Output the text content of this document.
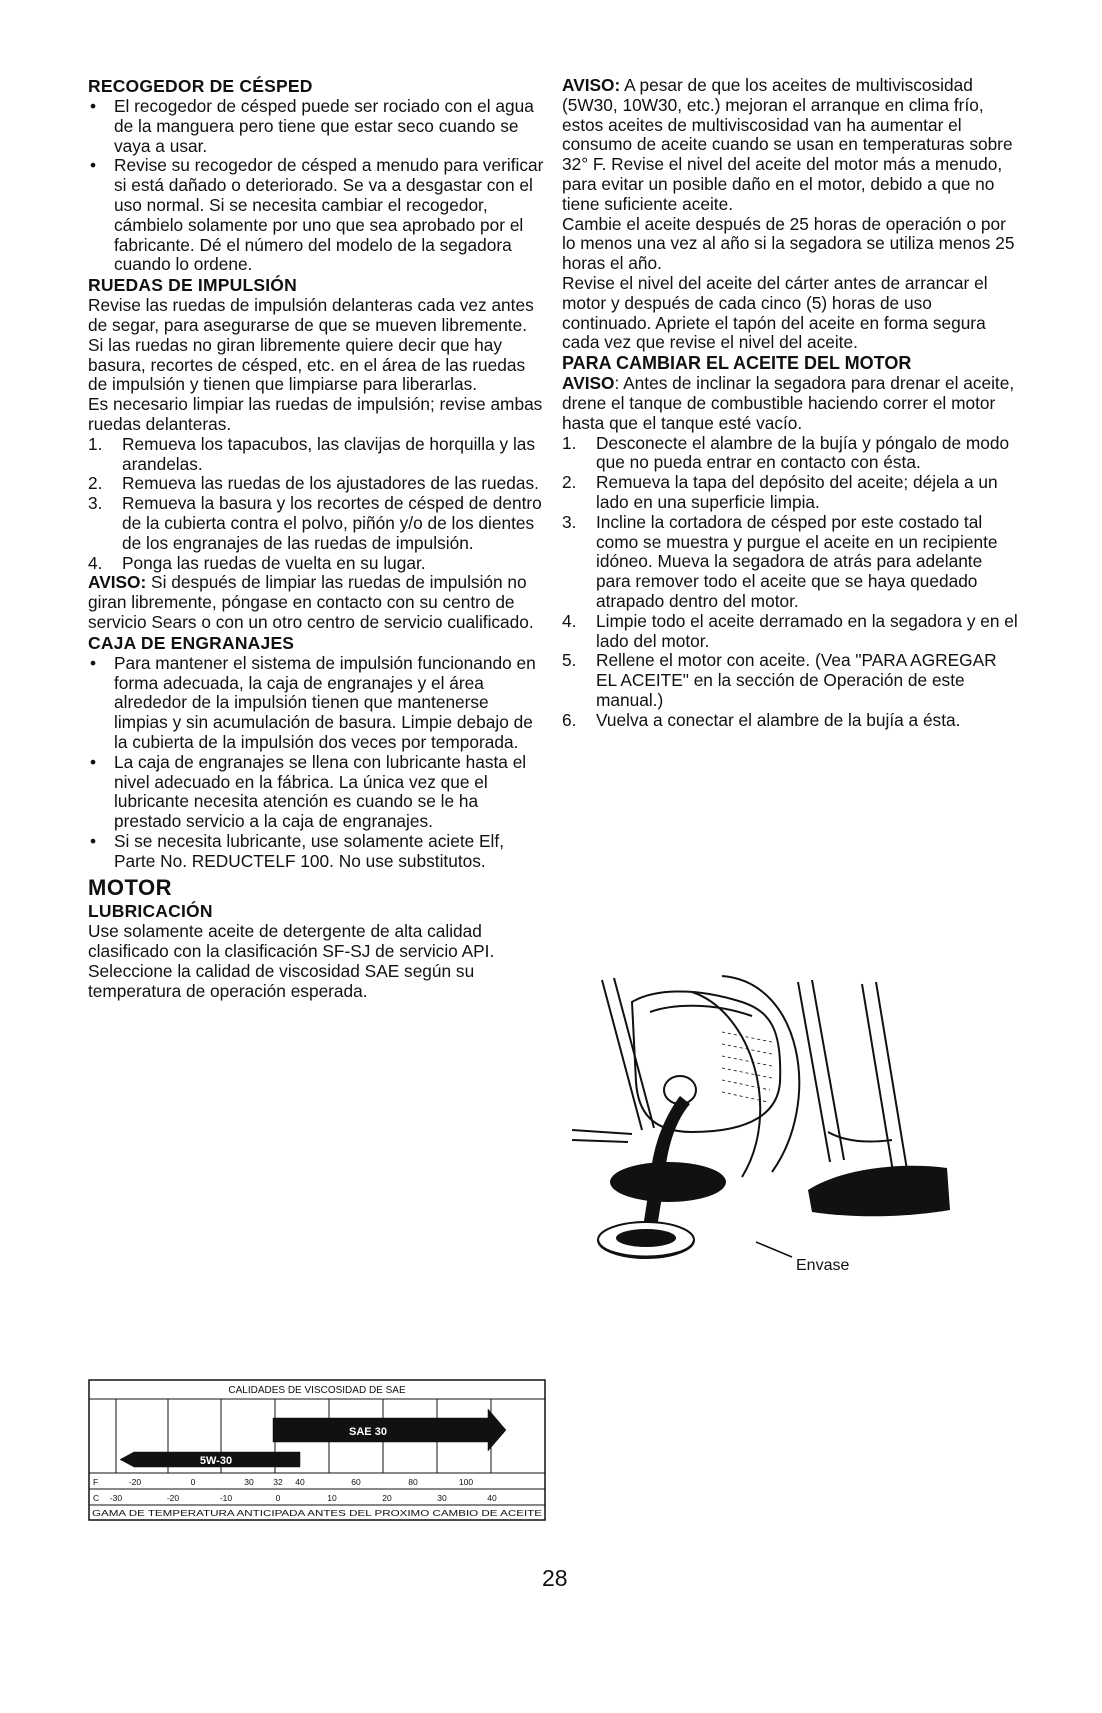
RECOGEDOR DE CÉSPED
• El recogedor de césped puede ser rociado con el agua de la manguera pero tiene que estar seco cuando se vaya a usar.
• Revise su recogedor de césped a menudo para verificar si está dañado o deteriorado. Se va a desgastar con el uso normal. Si se necesita cambiar el recogedor, cámbielo solamente por uno que sea aprobado por el fabricante. Dé el número del modelo de la segadora cuando lo ordene.
RUEDAS DE IMPULSIÓN

Revise las ruedas de impulsión delanteras cada vez antes de segar, para asegurarse de que se mueven libremente.

Si las ruedas no giran libremente quiere decir que hay basura, recortes de césped, etc. en el área de las ruedas de impulsión y tienen que limpiarse para liberarlas.

Es necesario limpiar las ruedas de impulsión; revise ambas ruedas delanteras.

1. Remueva los tapacubos, las clavijas de horquilla y las arandelas.
2. Remueva las ruedas de los ajustadores de las ruedas.
3. Remueva la basura y los recortes de césped de dentro de la cubierta contra el polvo, piñón y/o de los dientes de los engranajes de las ruedas de impulsión.
4. Ponga las ruedas de vuelta en su lugar.

AVISO: Si después de limpiar las ruedas de impulsión no giran libremente, póngase en contacto con su centro de servicio Sears o con un otro centro de servicio cualificado.

CAJA DE ENGRANAJES
• Para mantener el sistema de impulsión funcionando en forma adecuada, la caja de engranajes y el área alrededor de la impulsión tienen que mantenerse limpias y sin acumulación de basura. Limpie debajo de la cubierta de la impulsión dos veces por temporada.
• La caja de engranajes se llena con lubricante hasta el nivel adecuado en la fábrica. La única vez que el lubricante necesita atención es cuando se le ha prestado servicio a la caja de engranajes.
• Si se necesita lubricante, use solamente aciete Elf, Parte No. REDUCTELF 100. No use substitutos.
MOTOR
LUBRICACIÓN

Use solamente aceite de detergente de alta calidad clasificado con la clasificación SF-SJ de servicio API. Seleccione la calidad de viscosidad SAE según su temperatura de operación esperada.

CALIDADES DE VISCOSIDAD DE SAE
SAE 30
5W-30
F	-20	0	30 32 40	60	80	100
C -30	-20	-10	0	10	20	30	40
GAMA DE TEMPERATURA ANTICIPADA ANTES DEL PROXIMO CAMBIO DE ACEITE

AVISO: A pesar de que los aceites de multiviscosidad (5W30, 10W30, etc.) mejoran el arranque en clima frío, estos aceites de multiviscosidad van ha aumentar el consumo de aceite cuando se usan en temperaturas sobre 32° F. Revise el nivel del aceite del motor más a menudo, para evitar un posible daño en el motor, debido a que no tiene suficiente aceite.

Cambie el aceite después de 25 horas de operación o por lo menos una vez al año si la segadora se utiliza menos 25 horas el año.

Revise el nivel del aceite del cárter antes de arrancar el motor y después de cada cinco (5) horas de uso continuado. Apriete el tapón del aceite en forma segura cada vez que revise el nivel del aceite.

PARA CAMBIAR EL ACEITE DEL MOTOR

AVISO: Antes de inclinar la segadora para drenar el aceite, drene el tanque de combustible haciendo correr el motor hasta que el tanque esté vacío.

1. Desconecte el alambre de la bujía y póngalo de modo que no pueda entrar en contacto con ésta.
2. Remueva la tapa del depósito del aceite; déjela a un lado en una superficie limpia.
3. Incline la cortadora de césped por este costado tal como se muestra y purgue el aceite en un recipiente idóneo. Mueva la segadora de atrás para adelante para remover todo el aceite que se haya quedado atrapado dentro del motor.
4. Limpie todo el aceite derramado en la segadora y en el lado del motor.
5. Rellene el motor con aceite. (Vea "PARA AGREGAR EL ACEITE" en la sección de Operación de este manual.)
6. Vuelva a conectar el alambre de la bujía a ésta.
Envase
28
